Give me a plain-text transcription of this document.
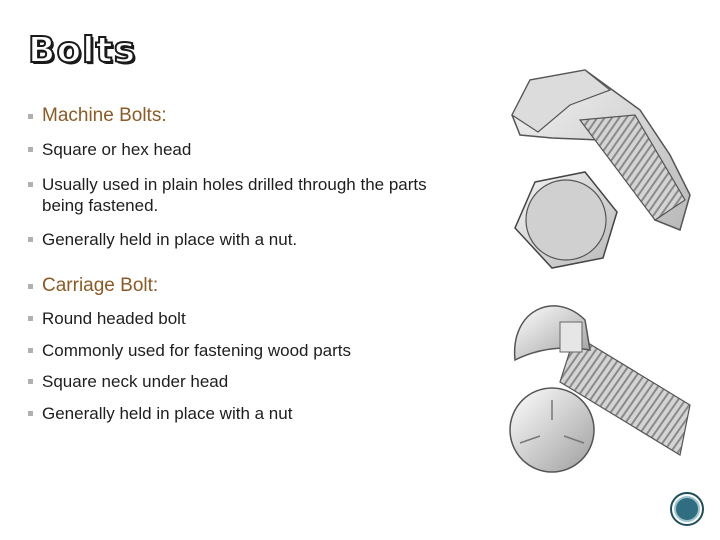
Bolts
Machine Bolts:
Square or hex head
Usually used in plain holes drilled through the parts being fastened.
Generally held in place with a nut.
Carriage Bolt:
Round headed bolt
Commonly used for fastening wood parts
Square neck under head
Generally held in place with a nut
